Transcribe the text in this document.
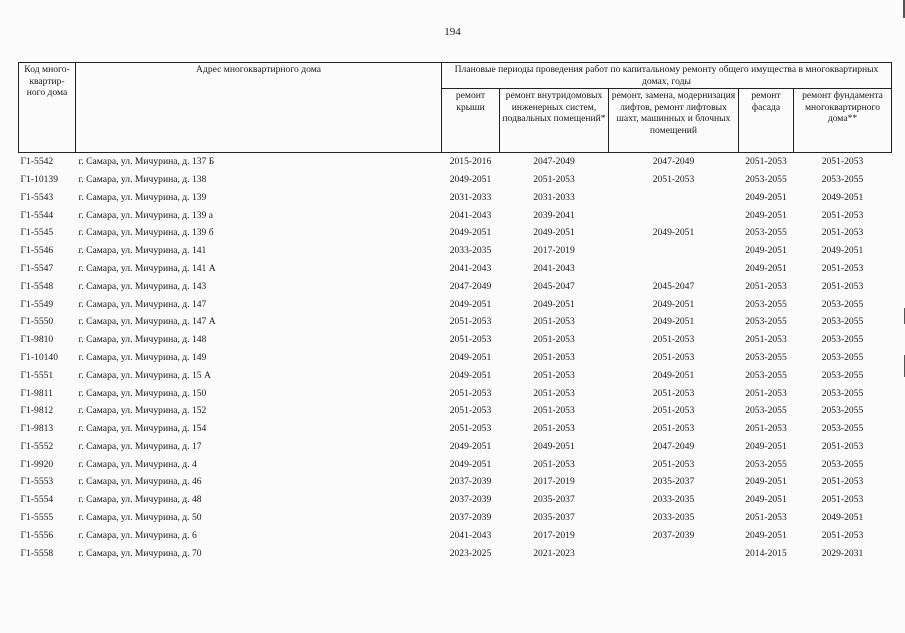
194
Код много-квартир-ного дома	Адрес многоквартирного дома	Плановые периоды проведения работ по капитальному ремонту общего имущества в многоквартирных домах, годы				
		ремонт крыши	ремонт внутридомовых инженерных систем, подвальных помещений*	ремонт, замена, модернизация лифтов, ремонт лифтовых шахт, машинных и блочных помещений	ремонт фасада	ремонт фундамента многоквартирного дома**
Г1-5542	г. Самара, ул. Мичурина, д. 137 Б	2015-2016	2047-2049	2047-2049	2051-2053	2051-2053
Г1-10139	г. Самара, ул. Мичурина, д. 138	2049-2051	2051-2053	2051-2053	2053-2055	2053-2055
Г1-5543	г. Самара, ул. Мичурина, д. 139	2031-2033	2031-2033		2049-2051	2049-2051
Г1-5544	г. Самара, ул. Мичурина, д. 139 а	2041-2043	2039-2041		2049-2051	2051-2053
Г1-5545	г. Самара, ул. Мичурина, д. 139 б	2049-2051	2049-2051	2049-2051	2053-2055	2051-2053
Г1-5546	г. Самара, ул. Мичурина, д. 141	2033-2035	2017-2019		2049-2051	2049-2051
Г1-5547	г. Самара, ул. Мичурина, д. 141 А	2041-2043	2041-2043		2049-2051	2051-2053
Г1-5548	г. Самара, ул. Мичурина, д. 143	2047-2049	2045-2047	2045-2047	2051-2053	2051-2053
Г1-5549	г. Самара, ул. Мичурина, д. 147	2049-2051	2049-2051	2049-2051	2053-2055	2053-2055
Г1-5550	г. Самара, ул. Мичурина, д. 147 А	2051-2053	2051-2053	2049-2051	2053-2055	2053-2055
Г1-9810	г. Самара, ул. Мичурина, д. 148	2051-2053	2051-2053	2051-2053	2051-2053	2053-2055
Г1-10140	г. Самара, ул. Мичурина, д. 149	2049-2051	2051-2053	2051-2053	2053-2055	2053-2055
Г1-5551	г. Самара, ул. Мичурина, д. 15 А	2049-2051	2051-2053	2049-2051	2053-2055	2053-2055
Г1-9811	г. Самара, ул. Мичурина, д. 150	2051-2053	2051-2053	2051-2053	2051-2053	2053-2055
Г1-9812	г. Самара, ул. Мичурина, д. 152	2051-2053	2051-2053	2051-2053	2053-2055	2053-2055
Г1-9813	г. Самара, ул. Мичурина, д. 154	2051-2053	2051-2053	2051-2053	2051-2053	2053-2055
Г1-5552	г. Самара, ул. Мичурина, д. 17	2049-2051	2049-2051	2047-2049	2049-2051	2051-2053
Г1-9920	г. Самара, ул. Мичурина, д. 4	2049-2051	2051-2053	2051-2053	2053-2055	2053-2055
Г1-5553	г. Самара, ул. Мичурина, д. 46	2037-2039	2017-2019	2035-2037	2049-2051	2051-2053
Г1-5554	г. Самара, ул. Мичурина, д. 48	2037-2039	2035-2037	2033-2035	2049-2051	2051-2053
Г1-5555	г. Самара, ул. Мичурина, д. 50	2037-2039	2035-2037	2033-2035	2051-2053	2049-2051
Г1-5556	г. Самара, ул. Мичурина, д. 6	2041-2043	2017-2019	2037-2039	2049-2051	2051-2053
Г1-5558	г. Самара, ул. Мичурина, д. 70	2023-2025	2021-2023		2014-2015	2029-2031
